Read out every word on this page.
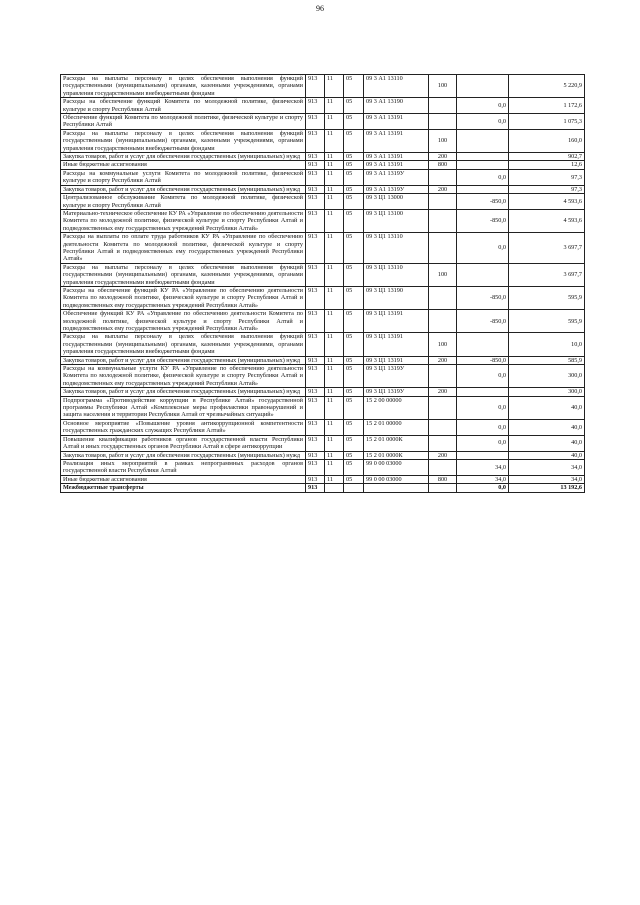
96
Расходы на выплаты персоналу в целях обеспечения выполнения функций государственными (муниципальными) органами, казенными учреждениями, органами управления государственными внебюджетными фондами	913	11	05	09 3 А1 13110	100		5 220,9
Расходы на обеспечение функций Комитета по молодежной политике, физической культуре и спорту Республики Алтай	913	11	05	09 3 А1 13190		0,0	1 172,6
Обеспечение функций Комитета по молодежной политике, физической культуре и спорту Республики Алтай	913	11	05	09 3 А1 13191		0,0	1 075,3
Расходы на выплаты персоналу в целях обеспечения выполнения функций государственными (муниципальными) органами, казенными учреждениями, органами управления государственными внебюджетными фондами	913	11	05	09 3 А1 13191	100		160,0
Закупка товаров, работ и услуг для обеспечения государственных (муниципальных) нужд	913	11	05	09 3 А1 13191	200		902,7
Иные бюджетные ассигнования	913	11	05	09 3 А1 13191	800		12,6
Расходы на коммунальные услуги Комитета по молодежной политике, физической культуре и спорту Республики Алтай	913	11	05	09 3 А1 1319У		0,0	97,3
Закупка товаров, работ и услуг для обеспечения государственных (муниципальных) нужд	913	11	05	09 3 А1 1319У	200		97,3
Централизованное обслуживание Комитета по молодежной политике, физической культуре и спорту Республики Алтай	913	11	05	09 3 Ц1 13000		-850,0	4 593,6
Материально-техническое обеспечение КУ РА «Управление по обеспечению деятельности Комитета по молодежной политике, физической культуре и спорту Республики Алтай и подведомственных ему государственных учреждений Республики Алтай»	913	11	05	09 3 Ц1 13100		-850,0	4 593,6
Расходы на выплаты по оплате труда работников КУ РА «Управление по обеспечению деятельности Комитета по молодежной политике, физической культуре и спорту Республики Алтай и подведомственных ему государственных учреждений Республики Алтай»	913	11	05	09 3 Ц1 13110		0,0	3 697,7
Расходы на выплаты персоналу в целях обеспечения выполнения функций государственными (муниципальными) органами, казенными учреждениями, органами управления государственными внебюджетными фондами	913	11	05	09 3 Ц1 13110	100		3 697,7
Расходы на обеспечение функций КУ РА «Управление по обеспечению деятельности Комитета по молодежной политике, физической культуре и спорту Республики Алтай и подведомственных ему государственных учреждений Республики Алтай»	913	11	05	09 3 Ц1 13190		-850,0	595,9
Обеспечение функций КУ РА «Управление по обеспечению деятельности Комитета по молодежной политике, физической культуре и спорту Республики Алтай и подведомственных ему государственных учреждений Республики Алтай»	913	11	05	09 3 Ц1 13191		-850,0	595,9
Расходы на выплаты персоналу в целях обеспечения выполнения функций государственными (муниципальными) органами, казенными учреждениями, органами управления государственными внебюджетными фондами	913	11	05	09 3 Ц1 13191	100		10,0
Закупка товаров, работ и услуг для обеспечения государственных (муниципальных) нужд	913	11	05	09 3 Ц1 13191	200	-850,0	585,9
Расходы на коммунальные услуги КУ РА «Управление по обеспечению деятельности Комитета по молодежной политике, физической культуре и спорту Республики Алтай и подведомственных ему государственных учреждений Республики Алтай»	913	11	05	09 3 Ц1 1319У		0,0	300,0
Закупка товаров, работ и услуг для обеспечения государственных (муниципальных) нужд	913	11	05	09 3 Ц1 1319У	200		300,0
Подпрограмма «Противодействие коррупции в Республике Алтай» государственной программы Республики Алтай «Комплексные меры профилактики правонарушений и защита населения и территории Республики Алтай от чрезвычайных ситуаций»	913	11	05	15 2 00 00000		0,0	40,0
Основное мероприятие «Повышение уровня антикоррупционной компетентности государственных гражданских служащих Республики Алтай»	913	11	05	15 2 01 00000		0,0	40,0
Повышение квалификации работников органов государственной власти Республики Алтай и иных государственных органов Республики Алтай в сфере антикоррупции	913	11	05	15 2 01 0000К		0,0	40,0
Закупка товаров, работ и услуг для обеспечения государственных (муниципальных) нужд	913	11	05	15 2 01 0000К	200		40,0
Реализация иных мероприятий в рамках непрограммных расходов органов государственной власти Республики Алтай	913	11	05	99 0 00 03000		34,0	34,0
Иные бюджетные ассигнования	913	11	05	99 0 00 03000	800	34,0	34,0
Межбюджетные трансферты	913					0,0	13 192,6
